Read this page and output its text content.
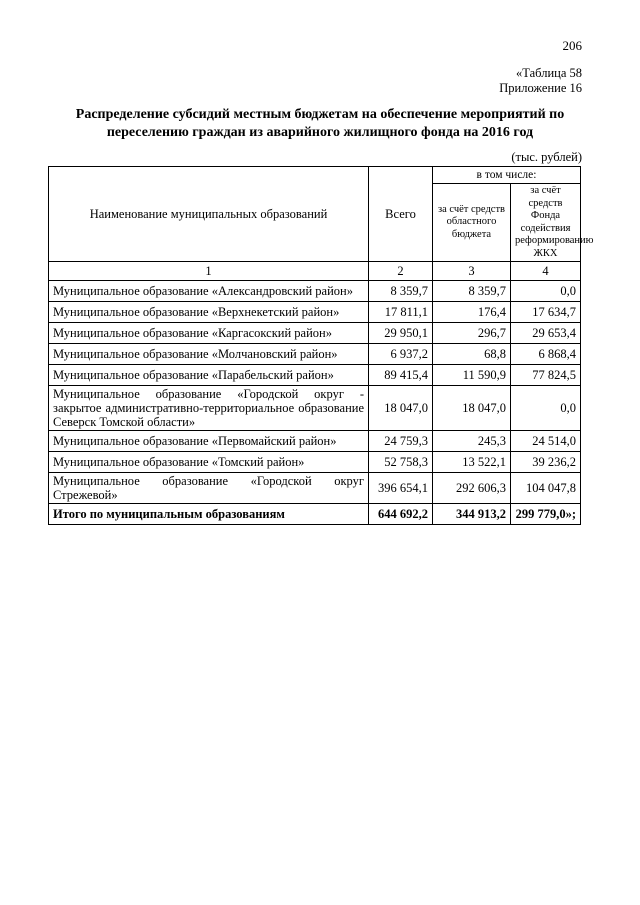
206
«Таблица 58
Приложение 16
Распределение субсидий местным бюджетам на обеспечение мероприятий по переселению граждан из аварийного жилищного фонда на 2016 год
(тыс. рублей)
Наименование муниципальных образований	Всего	в том числе:	
		за счёт средств областного бюджета	за счёт средств Фонда содействия реформированию ЖКХ
1	2	3	4
Муниципальное образование «Александровский район»	8 359,7	8 359,7	0,0
Муниципальное образование «Верхнекетский район»	17 811,1	176,4	17 634,7
Муниципальное образование «Каргасокский район»	29 950,1	296,7	29 653,4
Муниципальное образование «Молчановский район»	6 937,2	68,8	6 868,4
Муниципальное образование «Парабельский район»	89 415,4	11 590,9	77 824,5
Муниципальное образование «Городской округ - закрытое административно-территориальное образование Северск Томской области»	18 047,0	18 047,0	0,0
Муниципальное образование «Первомайский район»	24 759,3	245,3	24 514,0
Муниципальное образование «Томский район»	52 758,3	13 522,1	39 236,2
Муниципальное образование «Городской округ Стрежевой»	396 654,1	292 606,3	104 047,8
Итого по муниципальным образованиям	644 692,2	344 913,2	299 779,0»;
